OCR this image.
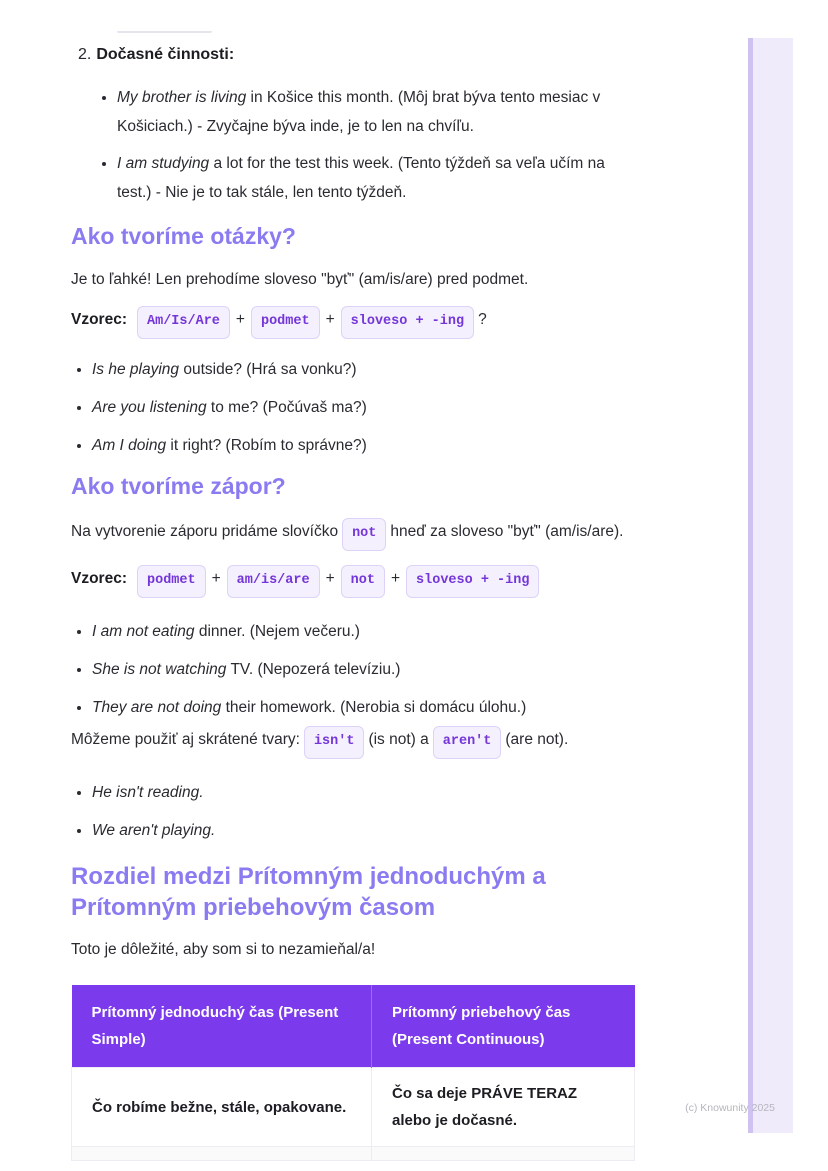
2. Dočasné činnosti:
• My brother is living in Košice this month. (Môj brat býva tento mesiac v Košiciach.) - Zvyčajne býva inde, je to len na chvíľu.
• I am studying a lot for the test this week. (Tento týždeň sa veľa učím na test.) - Nie je to tak stále, len tento týždeň.
Ako tvoríme otázky?

Je to ľahké! Len prehodíme sloveso "byť" (am/is/are) pred podmet.

Vzorec: Am/Is/Are + podmet + sloveso + -ing ?
• Is he playing outside? (Hrá sa vonku?)
• Are you listening to me? (Počúvaš ma?)
• Am I doing it right? (Robím to správne?)
Ako tvoríme zápor?

Na vytvorenie záporu pridáme slovíčko not hneď za sloveso "byť" (am/is/are).

Vzorec: podmet + am/is/are + not + sloveso + -ing
• I am not eating dinner. (Nejem večeru.)
• She is not watching TV. (Nepozerá televíziu.)
• They are not doing their homework. (Nerobia si domácu úlohu.)

Môžeme použiť aj skrátené tvary: isn't (is not) a aren't (are not).

• He isn't reading.
• We aren't playing.
Rozdiel medzi Prítomným jednoduchým a Prítomným priebehovým časom

Toto je dôležité, aby som si to nezamieňal/a!

Prítomný jednoduchý čas (Present Simple)	Prítomný priebehový čas (Present Continuous)
Čo robíme bežne, stále, opakovane.	Čo sa deje PRÁVE TERAZ alebo je dočasné.

(c) Knowunity 2025
